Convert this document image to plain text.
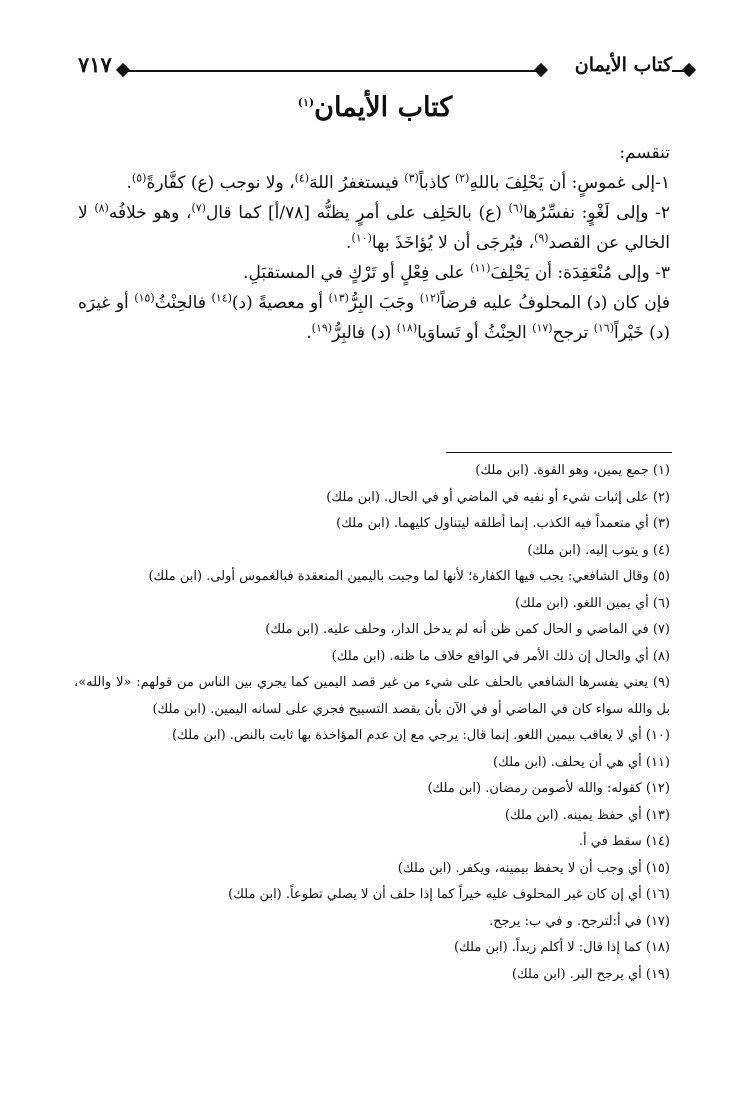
كتاب الأيمان
٧١٧
كتاب الأيمان$^{(١)}$

تنقسم:

١-إلى غموسٍ: أن يَحْلِفَ باللهِ$^{(٢)}$ كاذباً$^{(٣)}$ فيستغفرُ اللهَ$^{(٤)}$، ولا نوجب (ع) كفَّارةً$^{(٥)}$.

٢- وإلى لَغْوٍ: نفسِّرُها$^{(٦)}$ (ع) بالحَلِف على أمرٍ يظنُّه [٧٨/أ] كما قال$^{(٧)}$، وهو خلافُه$^{(٨)}$ لا الخالي عن القصد$^{(٩)}$، فيُرجَى أن لا يُؤاخَذَ بها$^{(١٠)}$.

٣- وإلى مُنْعَقِدَة: أن يَحْلِفَ$^{(١١)}$ على فِعْلٍ أو تَرْكٍ في المستقبَلِ.

فإن كان (د) المحلوفُ عليه فرضاً$^{(١٢)}$ وجَبَ البِرُّ$^{(١٣)}$ أو معصيةً (د)$^{(١٤)}$ فالحِنْثُ$^{(١٥)}$ أو غيرَه (د) خَيْراً$^{(١٦)}$ ترجح$^{(١٧)}$ الحِنْثُ أو تَساوَيا$^{(١٨)}$ (د) فالبِرُّ$^{(١٩)}$.

(١) جمع يمين، وهو القوة. (ابن ملك)

(٢) على إثبات شيء أو نفيه في الماضي أو في الحال. (ابن ملك)

(٣) أي متعمداً فيه الكذب. إنما أطلقه ليتناول كليهما. (ابن ملك)

(٤) و يتوب إليه. (ابن ملك)

(٥) وقال الشافعي: يجب فيها الكفارة؛ لأنها لما وجبت باليمين المنعقدة فبالغموس أولى. (ابن ملك)

(٦) أي يمين اللغو. (ابن ملك)

(٧) في الماضي و الحال كمن ظن أنه لم يدخل الدار، وحلف عليه. (ابن ملك)

(٨) أي والحال إن ذلك الأمر في الواقع خلاف ما ظنه. (ابن ملك)

(٩) يعني يفسرها الشافعي بالحلف على شيء من غير قصد اليمين كما يجري بين الناس من قولهم: «لا والله»، بل والله سواء كان في الماضي أو في الآن بأن يقصد التسبيح فجري على لسانه اليمين. (ابن ملك)

(١٠) أي لا يعاقب بيمين اللغو. إنما قال: يرجي مع إن عدم المؤاخذة بها ثابت بالنص. (ابن ملك)

(١١) أي هي أن يحلف. (ابن ملك)

(١٢) كقوله: والله لأصومن رمضان. (ابن ملك)

(١٣) أي حفظ يمينه. (ابن ملك)

(١٤) سقط في أ.

(١٥) أي وجب أن لا يحفظ بيمينه، ويكفر. (ابن ملك)

(١٦) أي إن كان غير المحلوف عليه خيراً كما إذا حلف أن لا يصلي تطوعاً. (ابن ملك)

(١٧) في أ:لترجح. و في ب: يرجح.

(١٨) كما إذا قال: لا أكلم زيداً. (ابن ملك)

(١٩) أي يرجح البر. (ابن ملك)
